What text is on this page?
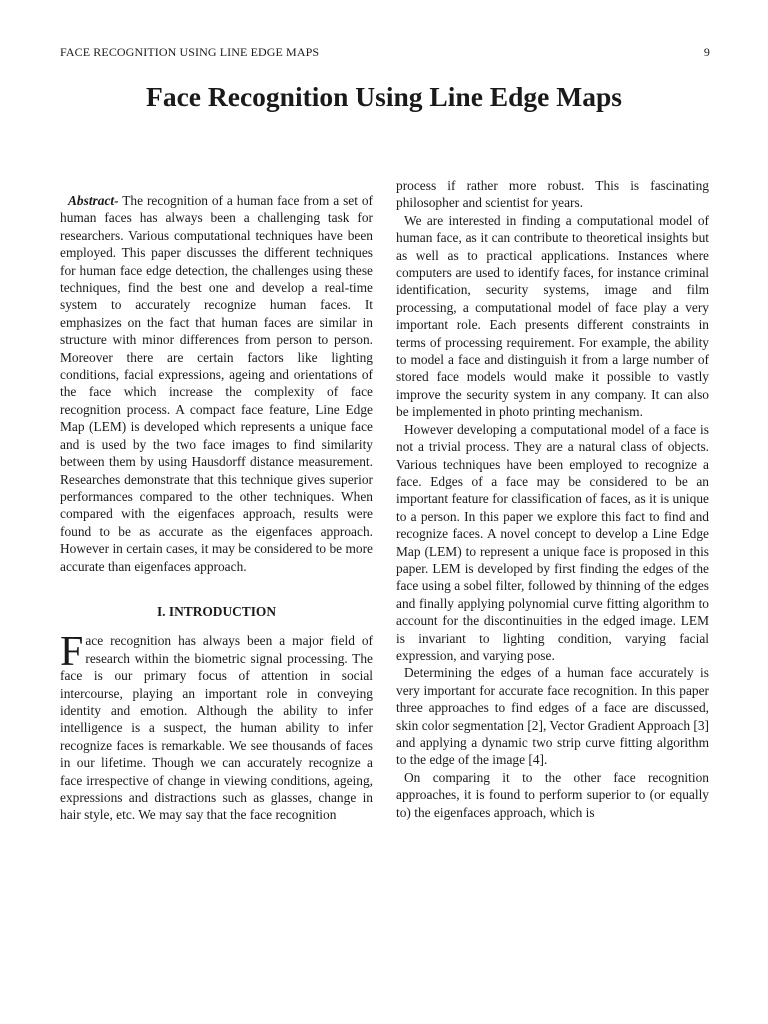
FACE RECOGNITION USING LINE EDGE MAPS	9
Face Recognition Using Line Edge Maps

Abstract- The recognition of a human face from a set of human faces has always been a challenging task for researchers. Various computational techniques have been employed. This paper discusses the different techniques for human face edge detection, the challenges using these techniques, find the best one and develop a real-time system to accurately recognize human faces. It emphasizes on the fact that human faces are similar in structure with minor differences from person to person. Moreover there are certain factors like lighting conditions, facial expressions, ageing and orientations of the face which increase the complexity of face recognition process. A compact face feature, Line Edge Map (LEM) is developed which represents a unique face and is used by the two face images to find similarity between them by using Hausdorff distance measurement. Researches demonstrate that this technique gives superior performances compared to the other techniques. When compared with the eigenfaces approach, results were found to be as accurate as the eigenfaces approach. However in certain cases, it may be considered to be more accurate than eigenfaces approach.

I. INTRODUCTION

Face recognition has always been a major field of research within the biometric signal processing. The face is our primary focus of attention in social intercourse, playing an important role in conveying identity and emotion. Although the ability to infer intelligence is a suspect, the human ability to infer recognize faces is remarkable. We see thousands of faces in our lifetime. Though we can accurately recognize a face irrespective of change in viewing conditions, ageing, expressions and distractions such as glasses, change in hair style, etc. We may say that the face recognition

process if rather more robust. This is fascinating philosopher and scientist for years.

We are interested in finding a computational model of human face, as it can contribute to theoretical insights but as well as to practical applications. Instances where computers are used to identify faces, for instance criminal identification, security systems, image and film processing, a computational model of face play a very important role. Each presents different constraints in terms of processing requirement. For example, the ability to model a face and distinguish it from a large number of stored face models would make it possible to vastly improve the security system in any company. It can also be implemented in photo printing mechanism.

However developing a computational model of a face is not a trivial process. They are a natural class of objects. Various techniques have been employed to recognize a face. Edges of a face may be considered to be an important feature for classification of faces, as it is unique to a person. In this paper we explore this fact to find and recognize faces. A novel concept to develop a Line Edge Map (LEM) to represent a unique face is proposed in this paper. LEM is developed by first finding the edges of the face using a sobel filter, followed by thinning of the edges and finally applying polynomial curve fitting algorithm to account for the discontinuities in the edged image. LEM is invariant to lighting condition, varying facial expression, and varying pose.

Determining the edges of a human face accurately is very important for accurate face recognition. In this paper three approaches to find edges of a face are discussed, skin color segmentation [2], Vector Gradient Approach [3] and applying a dynamic two strip curve fitting algorithm to the edge of the image [4].

On comparing it to the other face recognition approaches, it is found to perform superior to (or equally to) the eigenfaces approach, which is
